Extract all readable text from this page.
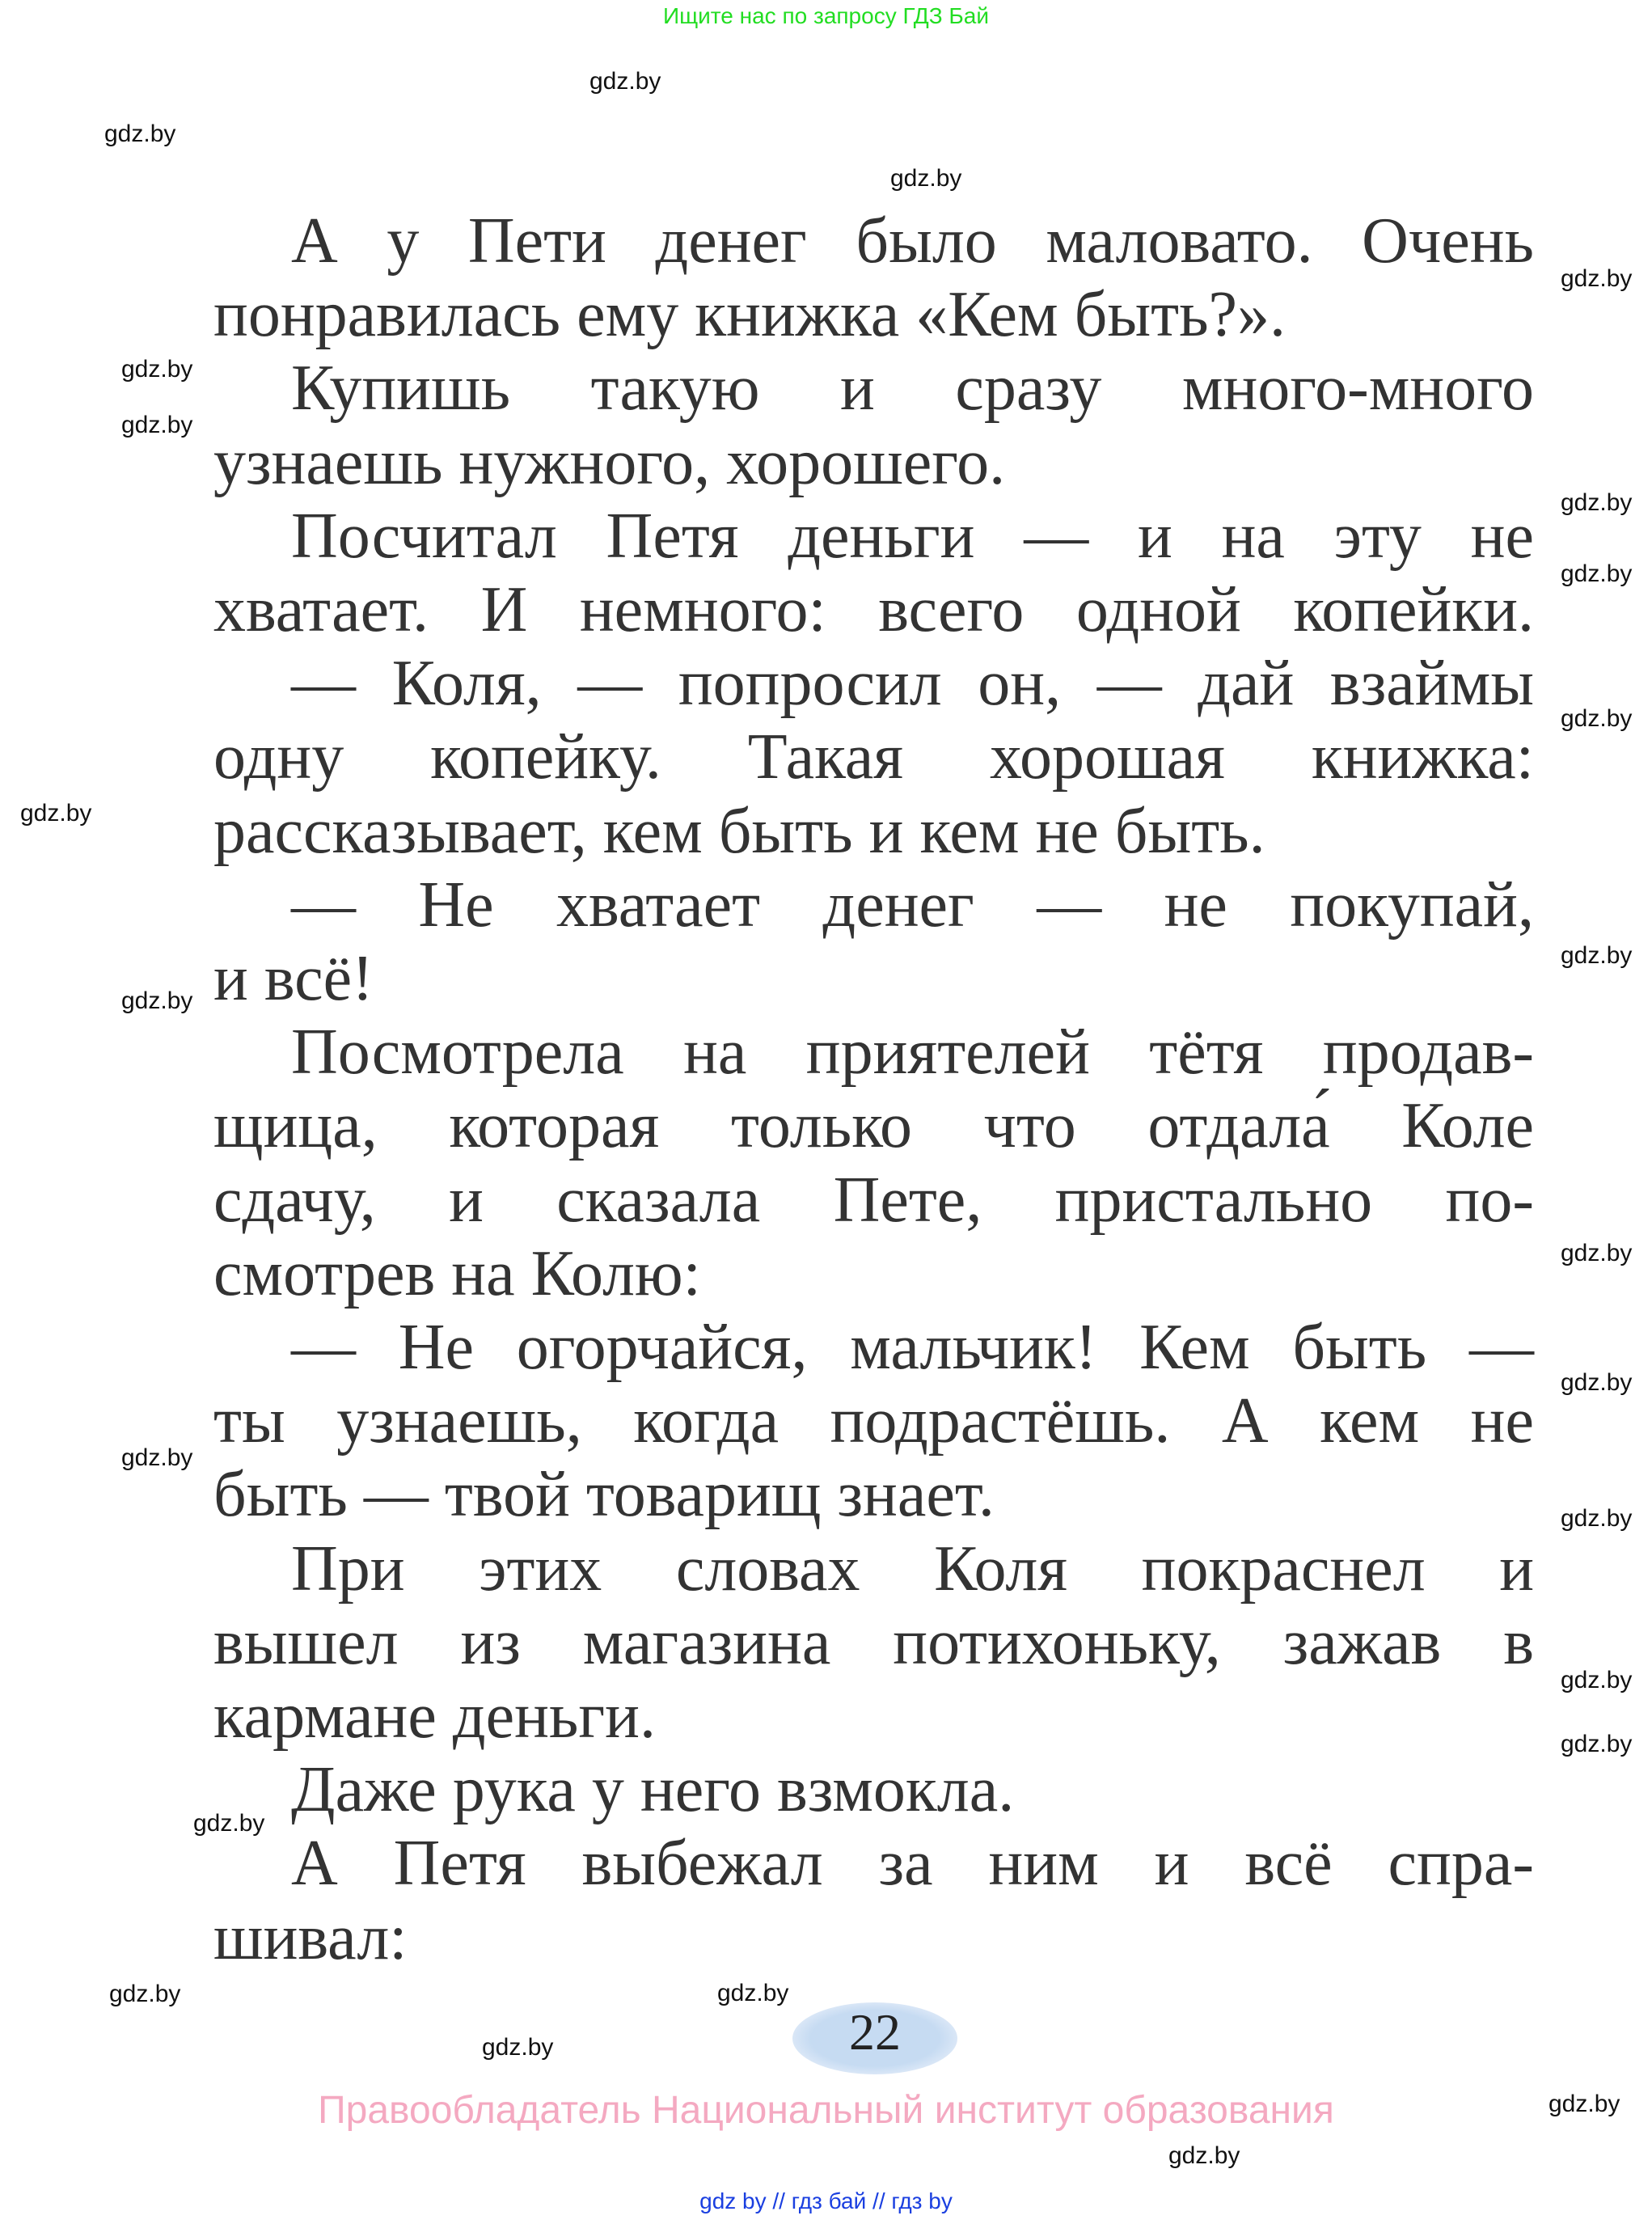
Ищите нас по запросу ГДЗ Бай
А у Пети денег было маловато. Очень
понравилась ему книжка «Кем быть?».
Купишь такую и сразу много-много
узнаешь нужного, хорошего.
Посчитал Петя деньги — и на эту не
хватает. И немного: всего одной копейки.
— Коля, — попросил он, — дай взаймы
одну копейку. Такая хорошая книжка:
рассказывает, кем быть и кем не быть.
— Не хватает денег — не покупай,
и всё!
Посмотрела на приятелей тётя продав-
щица, которая только что отдала́ Коле
сдачу, и сказала Пете, пристально по-
смотрев на Колю:
— Не огорчайся, мальчик! Кем быть —
ты узнаешь, когда подрастёшь. А кем не
быть — твой товарищ знает.
При этих словах Коля покраснел и
вышел из магазина потихоньку, зажав в
кармане деньги.
Даже рука у него взмокла.
А Петя выбежал за ним и всё спра-
шивал:
gdz.by
gdz.by
gdz.by
gdz.by
gdz.by
gdz.by
gdz.by
gdz.by
gdz.by
gdz.by
gdz.by
gdz.by
gdz.by
gdz.by
gdz.by
gdz.by
gdz.by
gdz.by
gdz.by
gdz.by
gdz.by
gdz.by
gdz.by
gdz.by
22
Правообладатель Национальный институт образования
gdz by // гдз бай // гдз by
